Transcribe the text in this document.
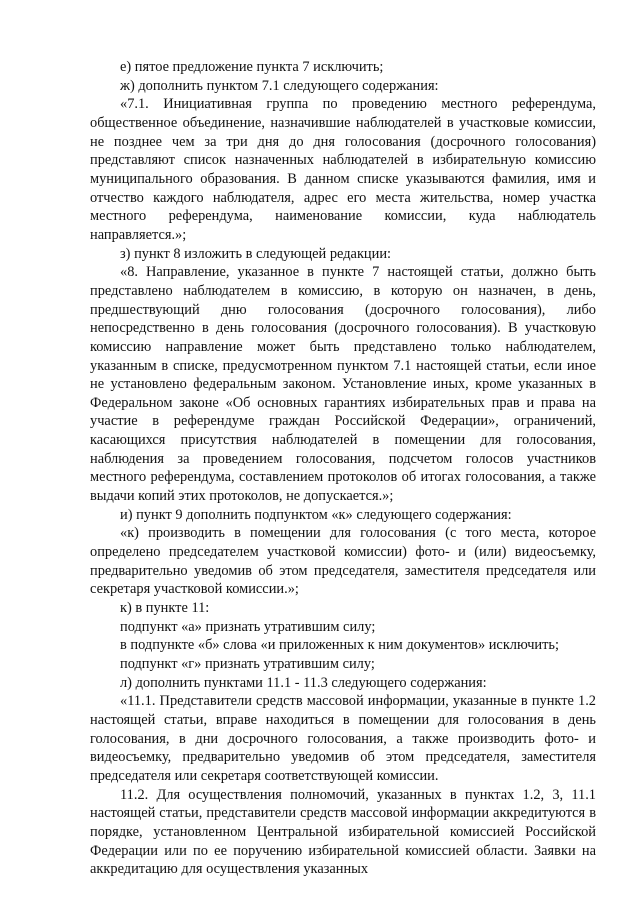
е) пятое предложение пункта 7 исключить;

ж) дополнить пунктом 7.1 следующего содержания:

«7.1. Инициативная группа по проведению местного референдума, общественное объединение, назначившие наблюдателей в участковые комиссии, не позднее чем за три дня до дня голосования (досрочного голосования) представляют список назначенных наблюдателей в избирательную комиссию муниципального образования. В данном списке указываются фамилия, имя и отчество каждого наблюдателя, адрес его места жительства, номер участка местного референдума, наименование комиссии, куда наблюдатель направляется.»;

з) пункт 8 изложить в следующей редакции:

«8. Направление, указанное в пункте 7 настоящей статьи, должно быть представлено наблюдателем в комиссию, в которую он назначен, в день, предшествующий дню голосования (досрочного голосования), либо непосредственно в день голосования (досрочного голосования). В участковую комиссию направление может быть представлено только наблюдателем, указанным в списке, предусмотренном пунктом 7.1 настоящей статьи, если иное не установлено федеральным законом. Установление иных, кроме указанных в Федеральном законе «Об основных гарантиях избирательных прав и права на участие в референдуме граждан Российской Федерации», ограничений, касающихся присутствия наблюдателей в помещении для голосования, наблюдения за проведением голосования, подсчетом голосов участников местного референдума, составлением протоколов об итогах голосования, а также выдачи копий этих протоколов, не допускается.»;

и) пункт 9 дополнить подпунктом «к» следующего содержания:

«к) производить в помещении для голосования (с того места, которое определено председателем участковой комиссии) фото- и (или) видеосъемку, предварительно уведомив об этом председателя, заместителя председателя или секретаря участковой комиссии.»;

к) в пункте 11:

подпункт «а» признать утратившим силу;

в подпункте «б» слова «и приложенных к ним документов» исключить;

подпункт «г» признать утратившим силу;

л) дополнить пунктами 11.1 - 11.3 следующего содержания:

«11.1. Представители средств массовой информации, указанные в пункте 1.2 настоящей статьи, вправе находиться в помещении для голосования в день голосования, в дни досрочного голосования, а также производить фото- и видеосъемку, предварительно уведомив об этом председателя, заместителя председателя или секретаря соответствующей комиссии.

11.2. Для осуществления полномочий, указанных в пунктах 1.2, 3, 11.1 настоящей статьи, представители средств массовой информации аккредитуются в порядке, установленном Центральной избирательной комиссией Российской Федерации или по ее поручению избирательной комиссией области. Заявки на аккредитацию для осуществления указанных
